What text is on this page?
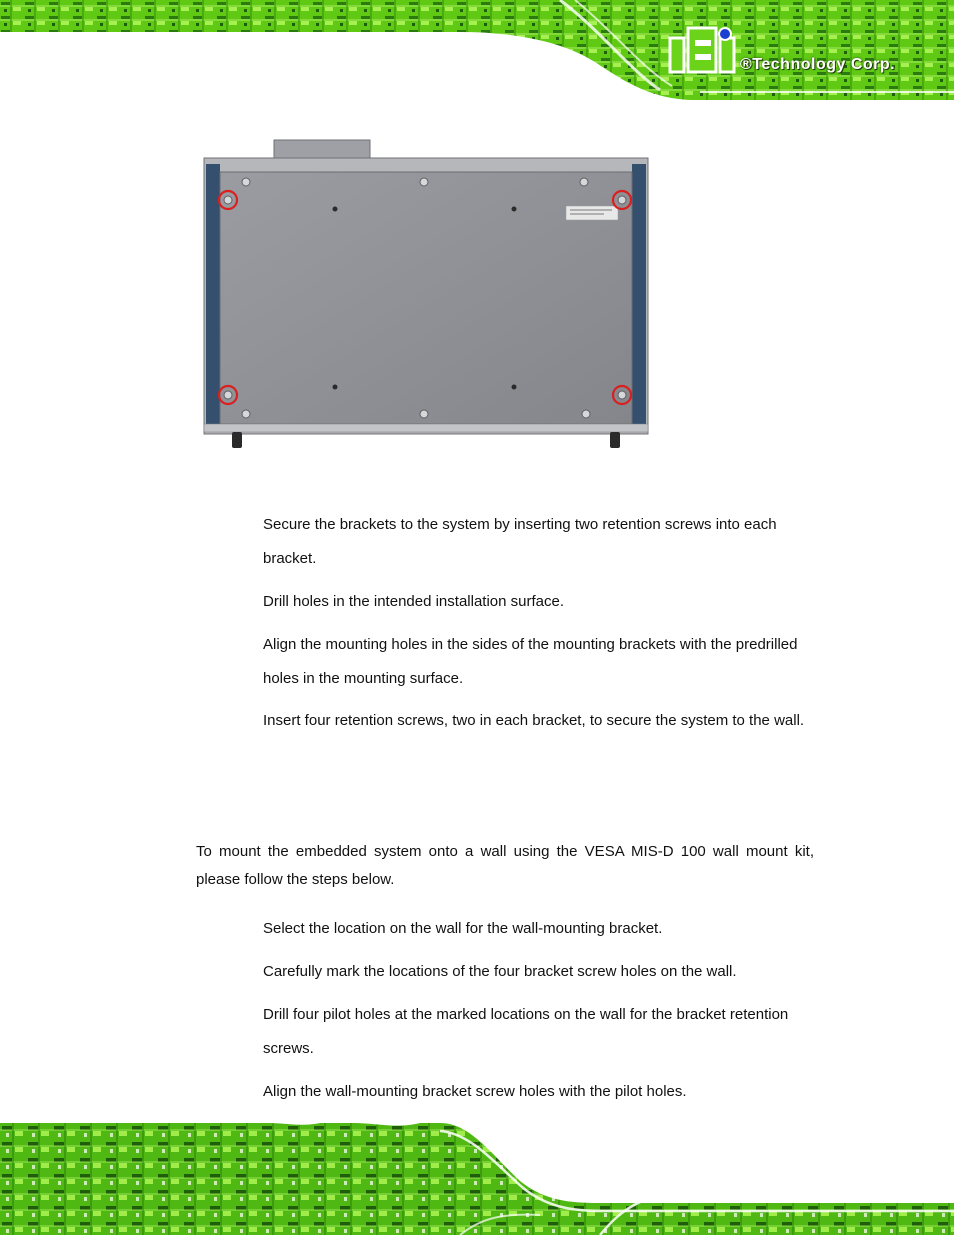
®Technology Corp.

Secure the brackets to the system by inserting two retention screws into each bracket.

Drill holes in the intended installation surface.

Align the mounting holes in the sides of the mounting brackets with the predrilled holes in the mounting surface.

Insert four retention screws, two in each bracket, to secure the system to the wall.

To mount the embedded system onto a wall using the VESA MIS-D 100 wall mount kit, please follow the steps below.

Select the location on the wall for the wall-mounting bracket.

Carefully mark the locations of the four bracket screw holes on the wall.

Drill four pilot holes at the marked locations on the wall for the bracket retention screws.

Align the wall-mounting bracket screw holes with the pilot holes.
